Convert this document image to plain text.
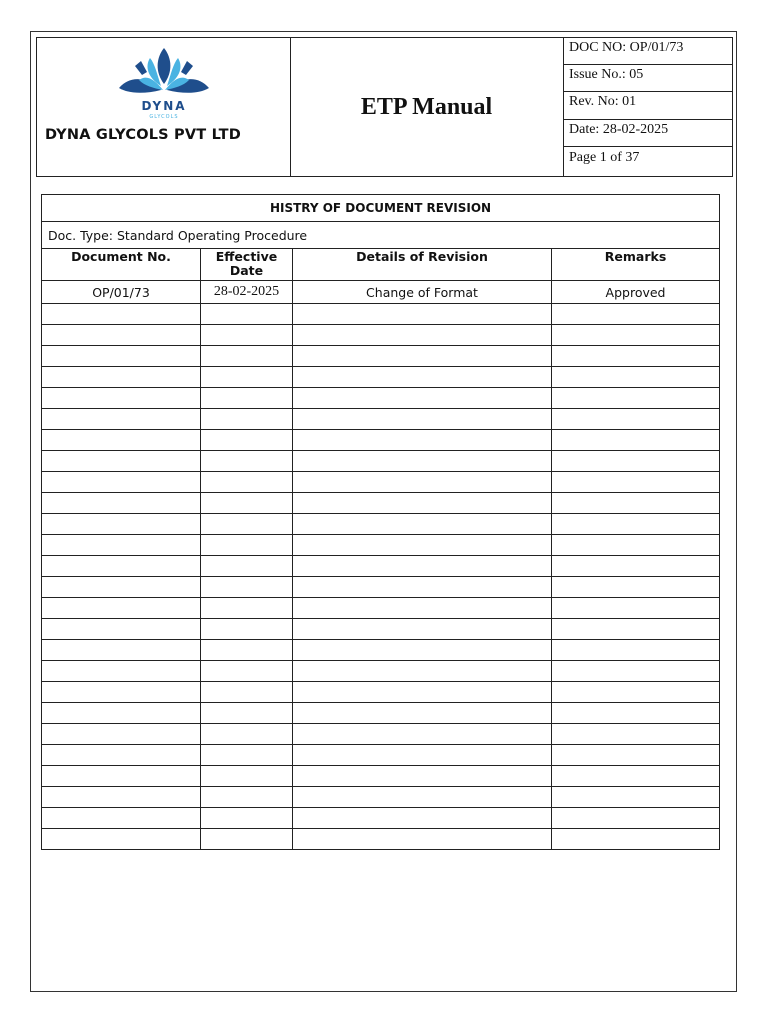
DYNA
GLYCOLS
DYNA GLYCOLS PVT LTD
ETP Manual
DOC NO: OP/01/73
Issue No.: 05
Rev. No: 01
Date: 28-02-2025
Page 1 of 37
HISTRY OF DOCUMENT REVISION			
Doc. Type: Standard Operating Procedure			
Document No.	Effective Date	Details of Revision	Remarks
OP/01/73	28-02-2025	Change of Format	Approved
